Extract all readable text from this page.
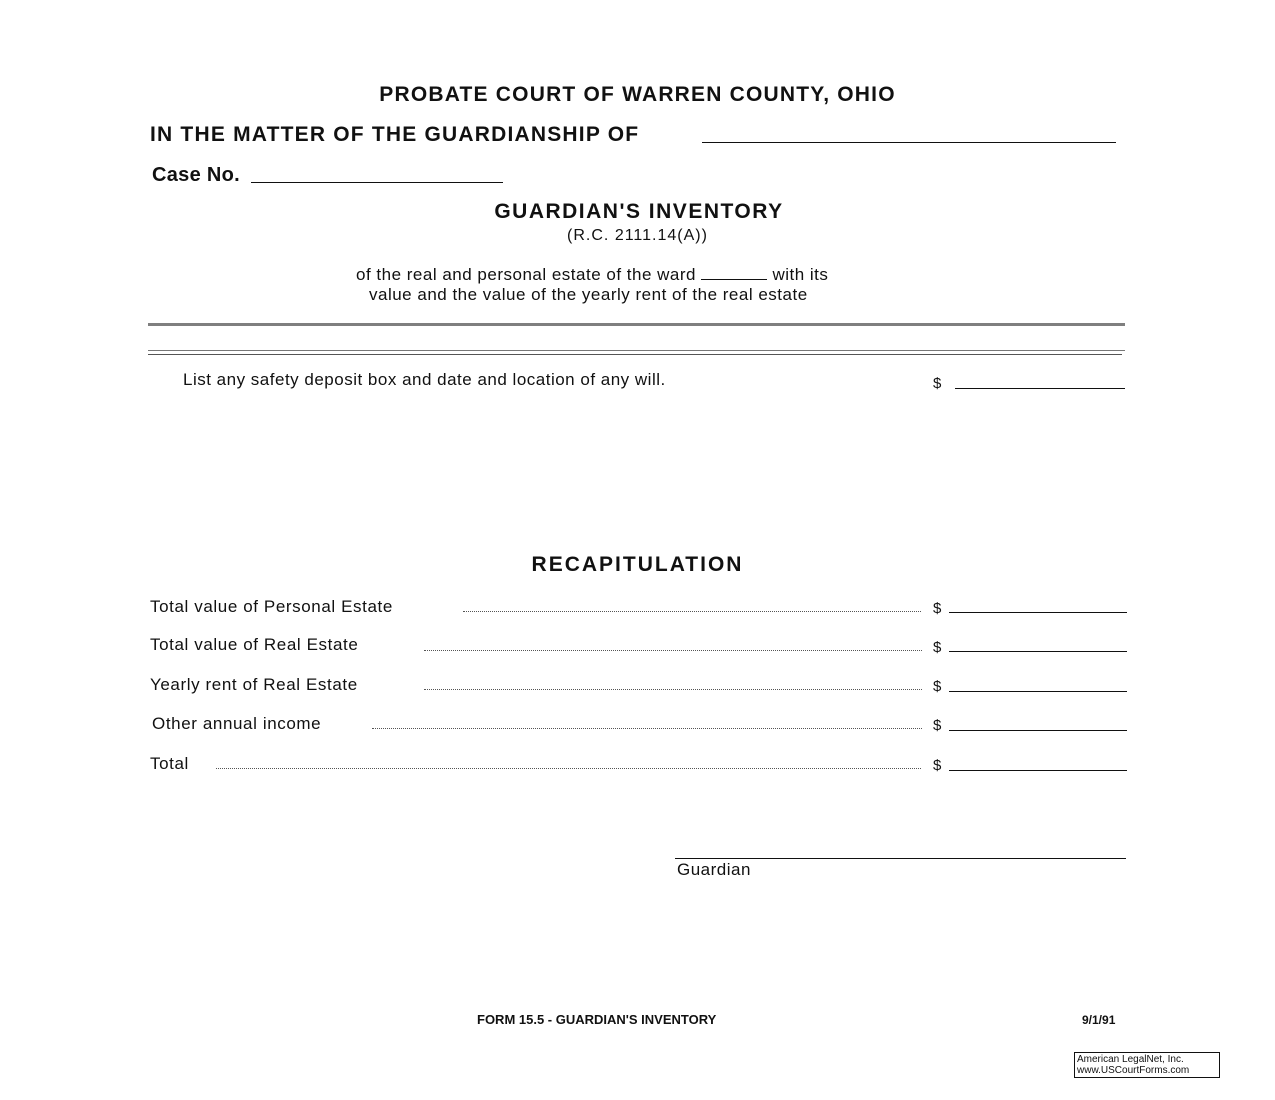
PROBATE COURT OF WARREN COUNTY, OHIO
IN THE MATTER OF THE GUARDIANSHIP OF
Case No.
GUARDIAN'S INVENTORY
(R.C. 2111.14(A))
of the real and personal estate of the ward	with its
value and the value of the yearly rent of the real estate
List any safety deposit box and date and location of any will.	$
RECAPITULATION
Total value of Personal Estate	$
Total value of Real Estate	$
Yearly rent of Real Estate	$
Other annual income	$
Total	$
Guardian
FORM 15.5 - GUARDIAN'S INVENTORY	9/1/91
American LegalNet, Inc.
www.USCourtForms.com
